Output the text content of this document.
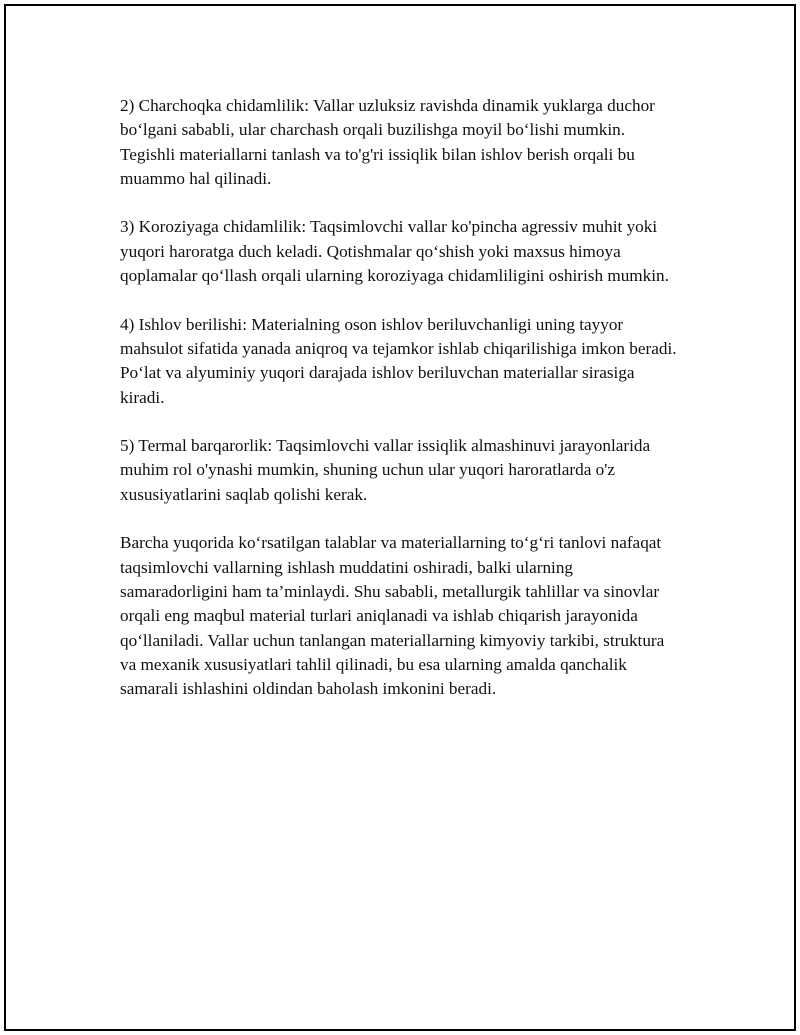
2) Charchoqka chidamlilik: Vallar uzluksiz ravishda dinamik yuklarga duchor bo‘lgani sababli, ular charchash orqali buzilishga moyil bo‘lishi mumkin. Tegishli materiallarni tanlash va to'g'ri issiqlik bilan ishlov berish orqali bu muammo hal qilinadi.

3) Koroziyaga chidamlilik: Taqsimlovchi vallar ko'pincha agressiv muhit yoki yuqori haroratga duch keladi. Qotishmalar qo‘shish yoki maxsus himoya qoplamalar qo‘llash orqali ularning koroziyaga chidamliligini oshirish mumkin.

4) Ishlov berilishi: Materialning oson ishlov beriluvchanligi uning tayyor mahsulot sifatida yanada aniqroq va tejamkor ishlab chiqarilishiga imkon beradi. Po‘lat va alyuminiy yuqori darajada ishlov beriluvchan materiallar sirasiga kiradi.

5) Termal barqarorlik: Taqsimlovchi vallar issiqlik almashinuvi jarayonlarida muhim rol o'ynashi mumkin, shuning uchun ular yuqori haroratlarda o'z xususiyatlarini saqlab qolishi kerak.

Barcha yuqorida ko‘rsatilgan talablar va materiallarning to‘g‘ri tanlovi nafaqat taqsimlovchi vallarning ishlash muddatini oshiradi, balki ularning samaradorligini ham ta’minlaydi. Shu sababli, metallurgik tahlillar va sinovlar orqali eng maqbul material turlari aniqlanadi va ishlab chiqarish jarayonida qo‘llaniladi. Vallar uchun tanlangan materiallarning kimyoviy tarkibi, struktura va mexanik xususiyatlari tahlil qilinadi, bu esa ularning amalda qanchalik samarali ishlashini oldindan baholash imkonini beradi.
